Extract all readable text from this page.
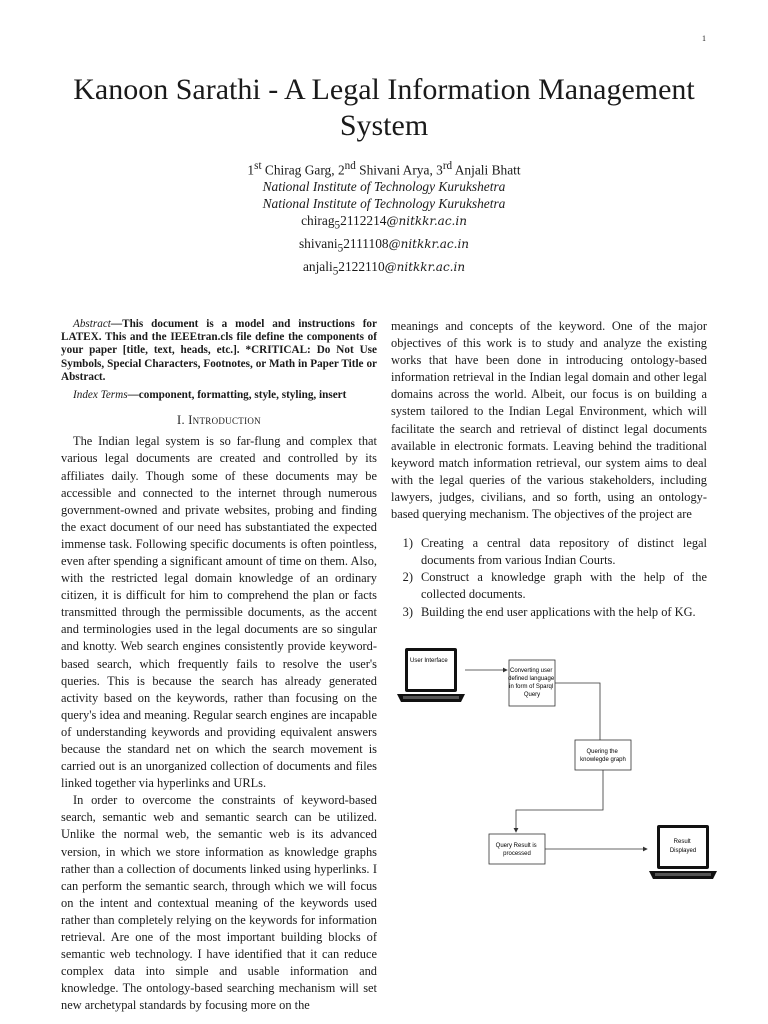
1
Kanoon Sarathi - A Legal Information Management System
1st Chirag Garg, 2nd Shivani Arya, 3rd Anjali Bhatt
National Institute of Technology Kurukshetra
National Institute of Technology Kurukshetra
chirag$_5$2112214@nitkkr.ac.in
shivani$_5$2111108@nitkkr.ac.in
anjali$_5$2122110@nitkkr.ac.in

Abstract—This document is a model and instructions for LATEX. This and the IEEEtran.cls file define the components of your paper [title, text, heads, etc.]. *CRITICAL: Do Not Use Symbols, Special Characters, Footnotes, or Math in Paper Title or Abstract.

Index Terms—component, formatting, style, styling, insert

I. Introduction

The Indian legal system is so far-flung and complex that various legal documents are created and controlled by its affiliates daily. Though some of these documents may be accessible and connected to the internet through numerous government-owned and private websites, probing and finding the exact document of our need has substantiated the expected immense task. Following specific documents is often pointless, even after spending a significant amount of time on them. Also, with the restricted legal domain knowledge of an ordinary citizen, it is difficult for him to comprehend the plan or facts transmitted through the permissible documents, as the accent and terminologies used in the legal documents are so singular and knotty. Web search engines consistently provide keyword-based search, which frequently fails to resolve the user's queries. This is because the search has already generated activity based on the keywords, rather than focusing on the query's idea and meaning. Regular search engines are incapable of understanding keywords and providing equivalent answers because the standard net on which the search movement is carried out is an unorganized collection of documents and files linked together via hyperlinks and URLs.

In order to overcome the constraints of keyword-based search, semantic web and semantic search can be utilized. Unlike the normal web, the semantic web is its advanced version, in which we store information as knowledge graphs rather than a collection of documents linked using hyperlinks. I can perform the semantic search, through which we will focus on the intent and contextual meaning of the keywords used rather than completely relying on the keywords for information retrieval. Are one of the most important building blocks of semantic web technology. I have identified that it can reduce complex data into simple and usable information and knowledge. The ontology-based searching mechanism will set new archetypal standards by focusing more on the

meanings and concepts of the keyword. One of the major objectives of this work is to study and analyze the existing works that have been done in introducing ontology-based information retrieval in the Indian legal domain and other legal domains across the world. Albeit, our focus is on building a system tailored to the Indian Legal Environment, which will facilitate the search and retrieval of distinct legal documents available in electronic formats. Leaving behind the traditional keyword match information retrieval, our system aims to deal with the legal queries of the various stakeholders, including lawyers, judges, civilians, and so forth, using an ontology-based querying mechanism. The objectives of the project are

1) Creating a central data repository of distinct legal documents from various Indian Courts.
2) Construct a knowledge graph with the help of the collected documents.
3) Building the end user applications with the help of KG.
User Interface
Converting user defined language in form of Sparql Query
Quering the knowlegde graph
Query Result is processed
Result Displayed
